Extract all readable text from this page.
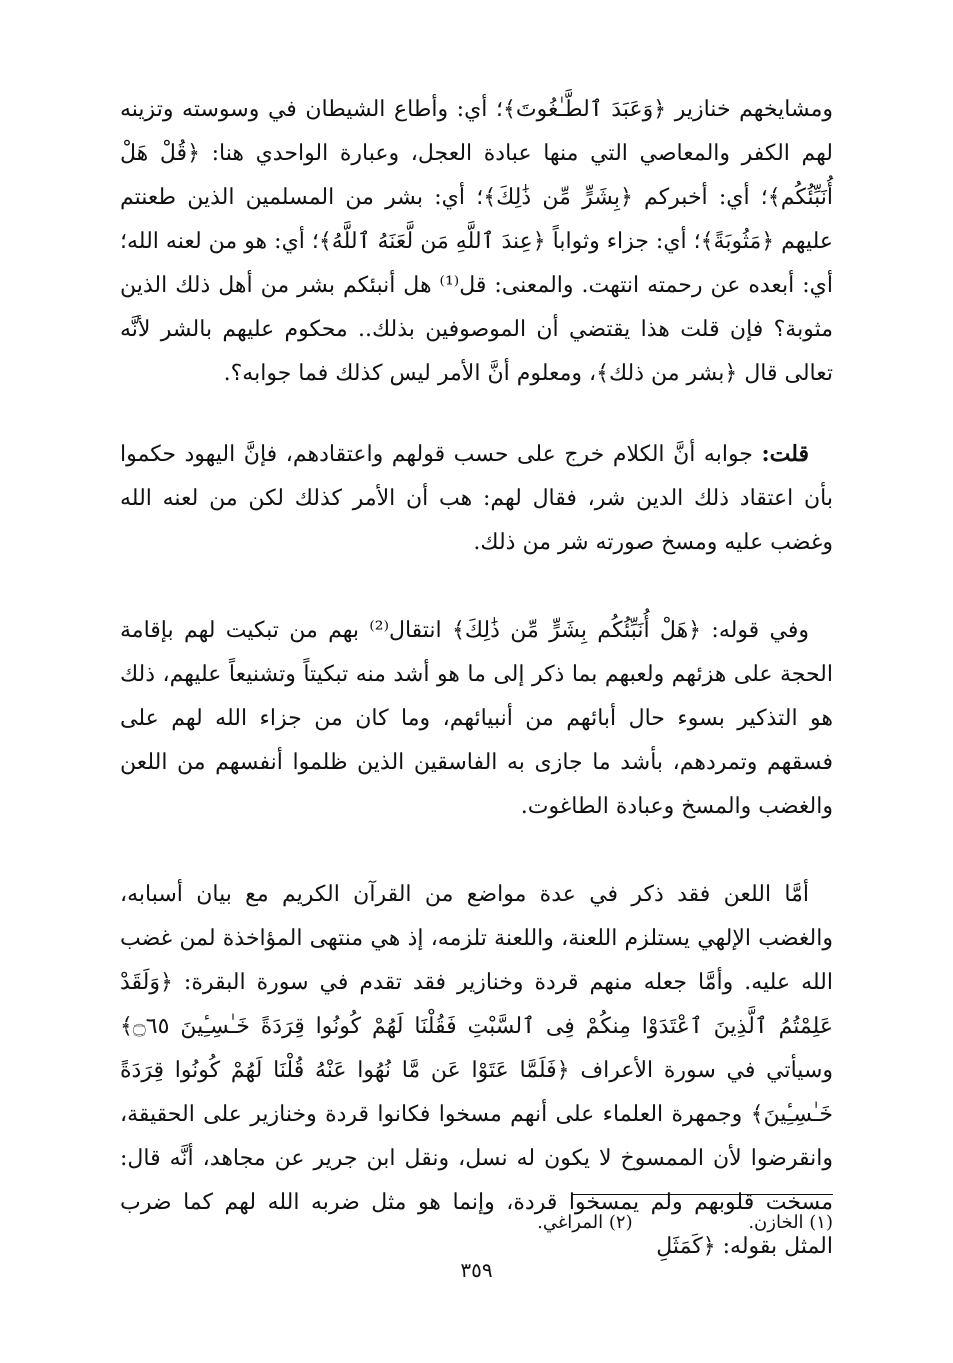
ومشايخهم خنازير ﴿وَعَبَدَ ٱلطَّـٰغُوتَ﴾؛ أي: وأطاع الشيطان في وسوسته وتزينه لهم الكفر والمعاصي التي منها عبادة العجل، وعبارة الواحدي هنا: ﴿قُلْ هَلْ أُنَبِّئُكُم﴾؛ أي: أخبركم ﴿بِشَرٍّ مِّن ذَٰلِكَ﴾؛ أي: بشر من المسلمين الذين طعنتم عليهم ﴿مَثُوبَةً﴾؛ أي: جزاء وثواباً ﴿عِندَ ٱللَّهِ مَن لَّعَنَهُ ٱللَّهُ﴾؛ أي: هو من لعنه الله؛ أي: أبعده عن رحمته انتهت. والمعنى: قل⁽¹⁾ هل أنبئكم بشر من أهل ذلك الذين مثوبة؟ فإن قلت هذا يقتضي أن الموصوفين بذلك.. محكوم عليهم بالشر لأنَّه تعالى قال ﴿بشر من ذلك﴾، ومعلوم أنَّ الأمر ليس كذلك فما جوابه؟.

قلت: جوابه أنَّ الكلام خرج على حسب قولهم واعتقادهم، فإنَّ اليهود حكموا بأن اعتقاد ذلك الدين شر، فقال لهم: هب أن الأمر كذلك لكن من لعنه الله وغضب عليه ومسخ صورته شر من ذلك.

وفي قوله: ﴿هَلْ أُنَبِّئُكُم بِشَرٍّ مِّن ذَٰلِكَ﴾ انتقال⁽²⁾ بهم من تبكيت لهم بإقامة الحجة على هزئهم ولعبهم بما ذكر إلى ما هو أشد منه تبكيتاً وتشنيعاً عليهم، ذلك هو التذكير بسوء حال أبائهم من أنبيائهم، وما كان من جزاء الله لهم على فسقهم وتمردهم، بأشد ما جازى به الفاسقين الذين ظلموا أنفسهم من اللعن والغضب والمسخ وعبادة الطاغوت.

أمَّا اللعن فقد ذكر في عدة مواضع من القرآن الكريم مع بيان أسبابه، والغضب الإلهي يستلزم اللعنة، واللعنة تلزمه، إذ هي منتهى المؤاخذة لمن غضب الله عليه. وأمَّا جعله منهم قردة وخنازير فقد تقدم في سورة البقرة: ﴿وَلَقَدْ عَلِمْتُمُ ٱلَّذِينَ ٱعْتَدَوْا مِنكُمْ فِى ٱلسَّبْتِ فَقُلْنَا لَهُمْ كُونُوا قِرَدَةً خَـٰسِـِٔينَ ۝٦٥﴾ وسيأتي في سورة الأعراف ﴿فَلَمَّا عَتَوْا عَن مَّا نُهُوا عَنْهُ قُلْنَا لَهُمْ كُونُوا قِرَدَةً خَـٰسِـِٔينَ﴾ وجمهرة العلماء على أنهم مسخوا فكانوا قردة وخنازير على الحقيقة، وانقرضوا لأن الممسوخ لا يكون له نسل، ونقل ابن جرير عن مجاهد، أنَّه قال: مسخت قلوبهم ولم يمسخوا قردة، وإنما هو مثل ضربه الله لهم كما ضرب المثل بقوله: ﴿كَمَثَلِ

(١) الخازن. (٢) المراغي.
٣٥٩
